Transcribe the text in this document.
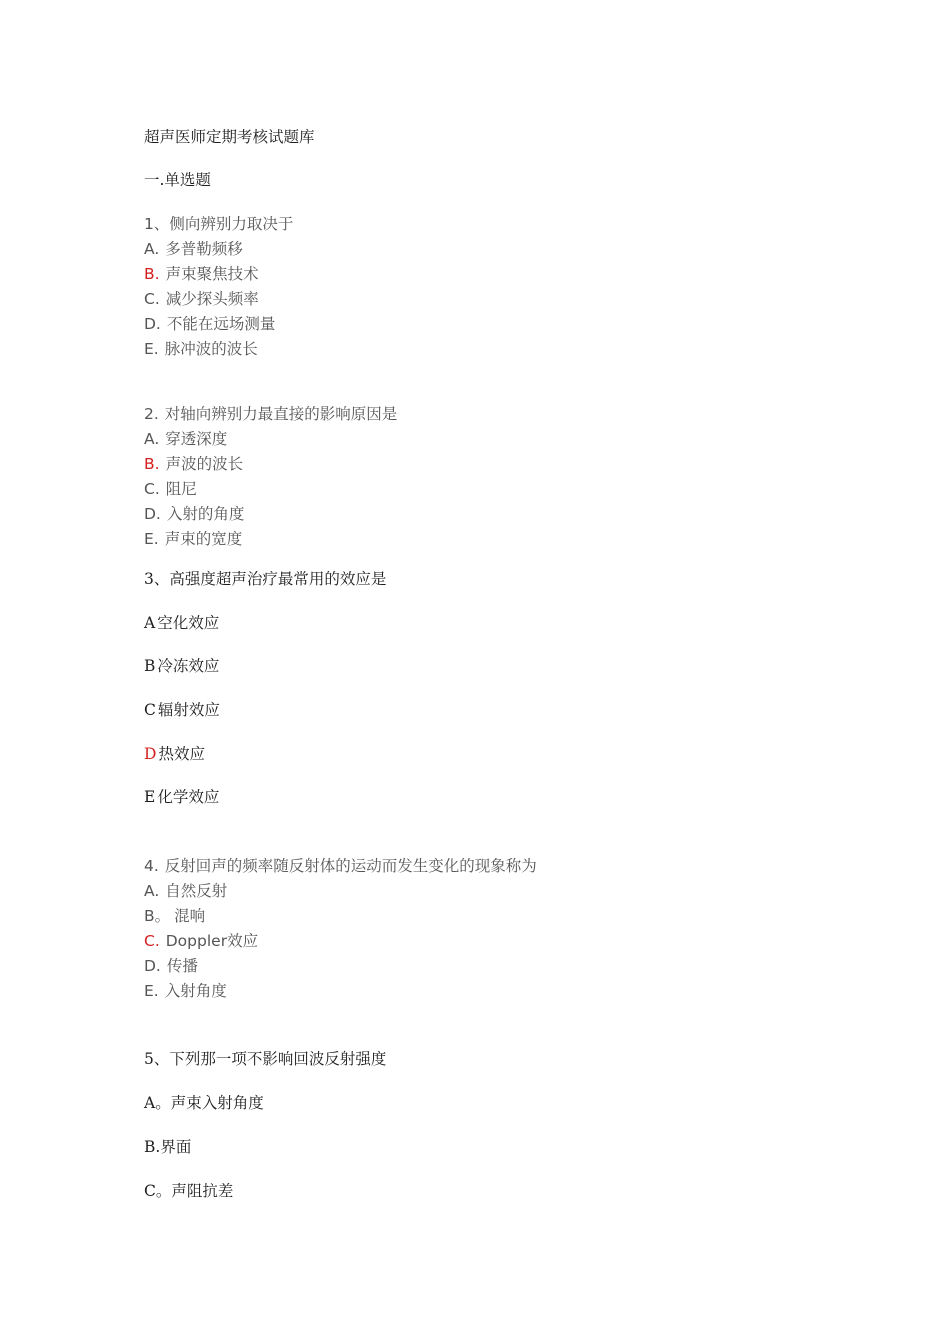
超声医师定期考核试题库
一.单选题
1、侧向辨别力取决于
A. 多普勒频移
B. 声束聚焦技术
C. 减少探头频率
D. 不能在远场测量
E. 脉冲波的波长
2. 对轴向辨别力最直接的影响原因是
A. 穿透深度
B. 声波的波长
C. 阻尼
D. 入射的角度
E. 声束的宽度
3、高强度超声治疗最常用的效应是
A 空化效应
B 冷冻效应
C 辐射效应
D 热效应
E 化学效应
4. 反射回声的频率随反射体的运动而发生变化的现象称为
A. 自然反射
B。 混响
C. Doppler效应
D. 传播
E. 入射角度
5、下列那一项不影响回波反射强度
A。声束入射角度
B.界面
C。声阻抗差
